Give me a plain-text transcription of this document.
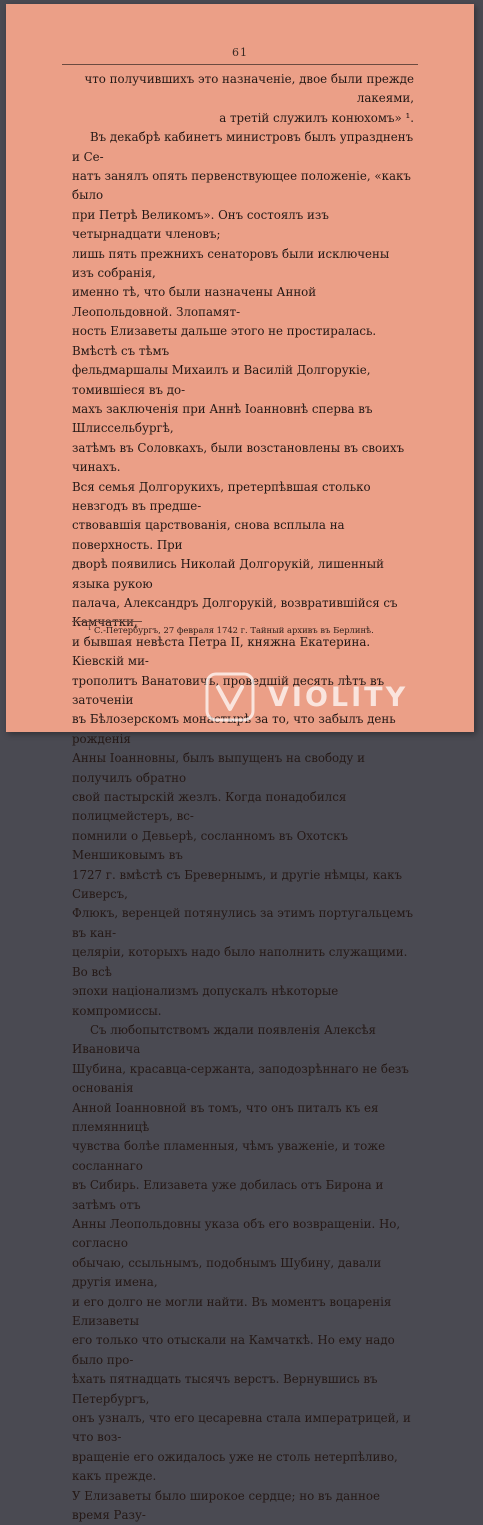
61

что получившихъ это назначеніе, двое были прежде лакеями,
а третій служилъ конюхомъ» ¹.

Въ декабрѣ кабинетъ министровъ былъ упраздненъ и Се-
натъ занялъ опять первенствующее положеніе, «какъ было
при Петрѣ Великомъ». Онъ состоялъ изъ четырнадцати членовъ;
лишь пять прежнихъ сенаторовъ были исключены изъ собранія,
именно тѣ, что были назначены Анной Леопольдовной. Злопамят-
ность Елизаветы дальше этого не простиралась. Вмѣстѣ съ тѣмъ
фельдмаршалы Михаилъ и Василій Долгорукіе, томившіеся въ до-
махъ заключенія при Аннѣ Іоанновнѣ сперва въ Шлиссельбургѣ,
затѣмъ въ Соловкахъ, были возстановлены въ своихъ чинахъ.
Вся семья Долгорукихъ, претерпѣвшая столько невзгодъ въ предше-
ствовавшія царствованія, снова всплыла на поверхность. При
дворѣ появились Николай Долгорукій, лишенный языка рукою
палача, Александръ Долгорукій, возвратившійся съ Камчатки,
и бывшая невѣста Петра II, княжна Екатерина. Кіевскій ми-
трополитъ Ванатовичъ, проведшій десять лѣтъ въ заточеніи
въ Бѣлозерскомъ монастырѣ за то, что забылъ день рожденія
Анны Іоанновны, былъ выпущенъ на свободу и получилъ обратно
свой пастырскій жезлъ. Когда понадобился полицмейстеръ, вс-
помнили о Девьерѣ, сосланномъ въ Охотскъ Меншиковымъ въ
1727 г. вмѣстѣ съ Бревернымъ, и другіе нѣмцы, какъ Сиверсъ,
Флюкъ, веренцей потянулись за этимъ португальцемъ въ кан-
целяріи, которыхъ надо было наполнить служащими. Во всѣ
эпохи націонализмъ допускалъ нѣкоторые компромиссы.

Съ любопытствомъ ждали появленія Алексѣя Ивановича
Шубина, красавца-сержанта, заподозрѣннаго не безъ основанія
Анной Іоанновной въ томъ, что онъ питалъ къ ея племянницѣ
чувства болѣе пламенныя, чѣмъ уваженіе, и тоже сосланнаго
въ Сибирь. Елизавета уже добилась отъ Бирона и затѣмъ отъ
Анны Леопольдовны указа объ его возвращеніи. Но, согласно
обычаю, ссыльнымъ, подобнымъ Шубину, давали другія имена,
и его долго не могли найти. Въ моментъ воцаренія Елизаветы
его только что отыскали на Камчаткѣ. Но ему надо было про-
ѣхать пятнадцать тысячъ верстъ. Вернувшись въ Петербургъ,
онъ узналъ, что его цесаревна стала императрицей, и что воз-
вращеніе его ожидалось уже не столь нетерпѣливо, какъ прежде.
У Елизаветы было широкое сердце; но въ данное время Разу-

¹ С.-Петербургъ, 27 февраля 1742 г. Тайный архивъ въ Берлинѣ.
VIOLITY
